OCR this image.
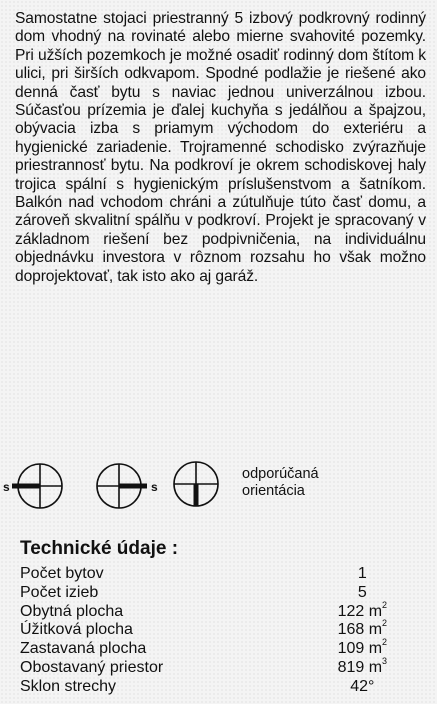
Samostatne stojaci priestranný 5 izbový podkrovný rodinný dom vhodný na rovinaté alebo mierne svahovité pozemky. Pri užších pozemkoch je možné osadiť rodinný dom štítom k ulici, pri širších odkvapom. Spodné podlažie je riešené ako denná časť bytu s naviac jednou univerzálnou izbou. Súčasťou prízemia je ďalej kuchyňa s jedálňou a špajzou, obývacia izba s priamym východom do exteriéru a hygienické zariadenie. Trojramenné schodisko zvýrazňuje priestrannosť bytu. Na podkroví je okrem schodiskovej haly trojica spální s hygienickým príslušenstvom a šatníkom. Balkón nad vchodom chráni a zútulňuje túto časť domu, a zároveň skvalitní spálňu v podkroví. Projekt je spracovaný v základnom riešení bez podpivničenia, na individuálnu objednávku investora v rôznom rozsahu ho však možno doprojektovať, tak isto ako aj garáž.
s	s
odporúčaná
orientácia
Technické údaje :
Počet bytov	1
Počet izieb	5
Obytná plocha	122 $m^2$
Úžitková plocha	168 $m^2$
Zastavaná plocha	109 $m^2$
Obostavaný priestor	819 $m^3$
Sklon strechy	42°
